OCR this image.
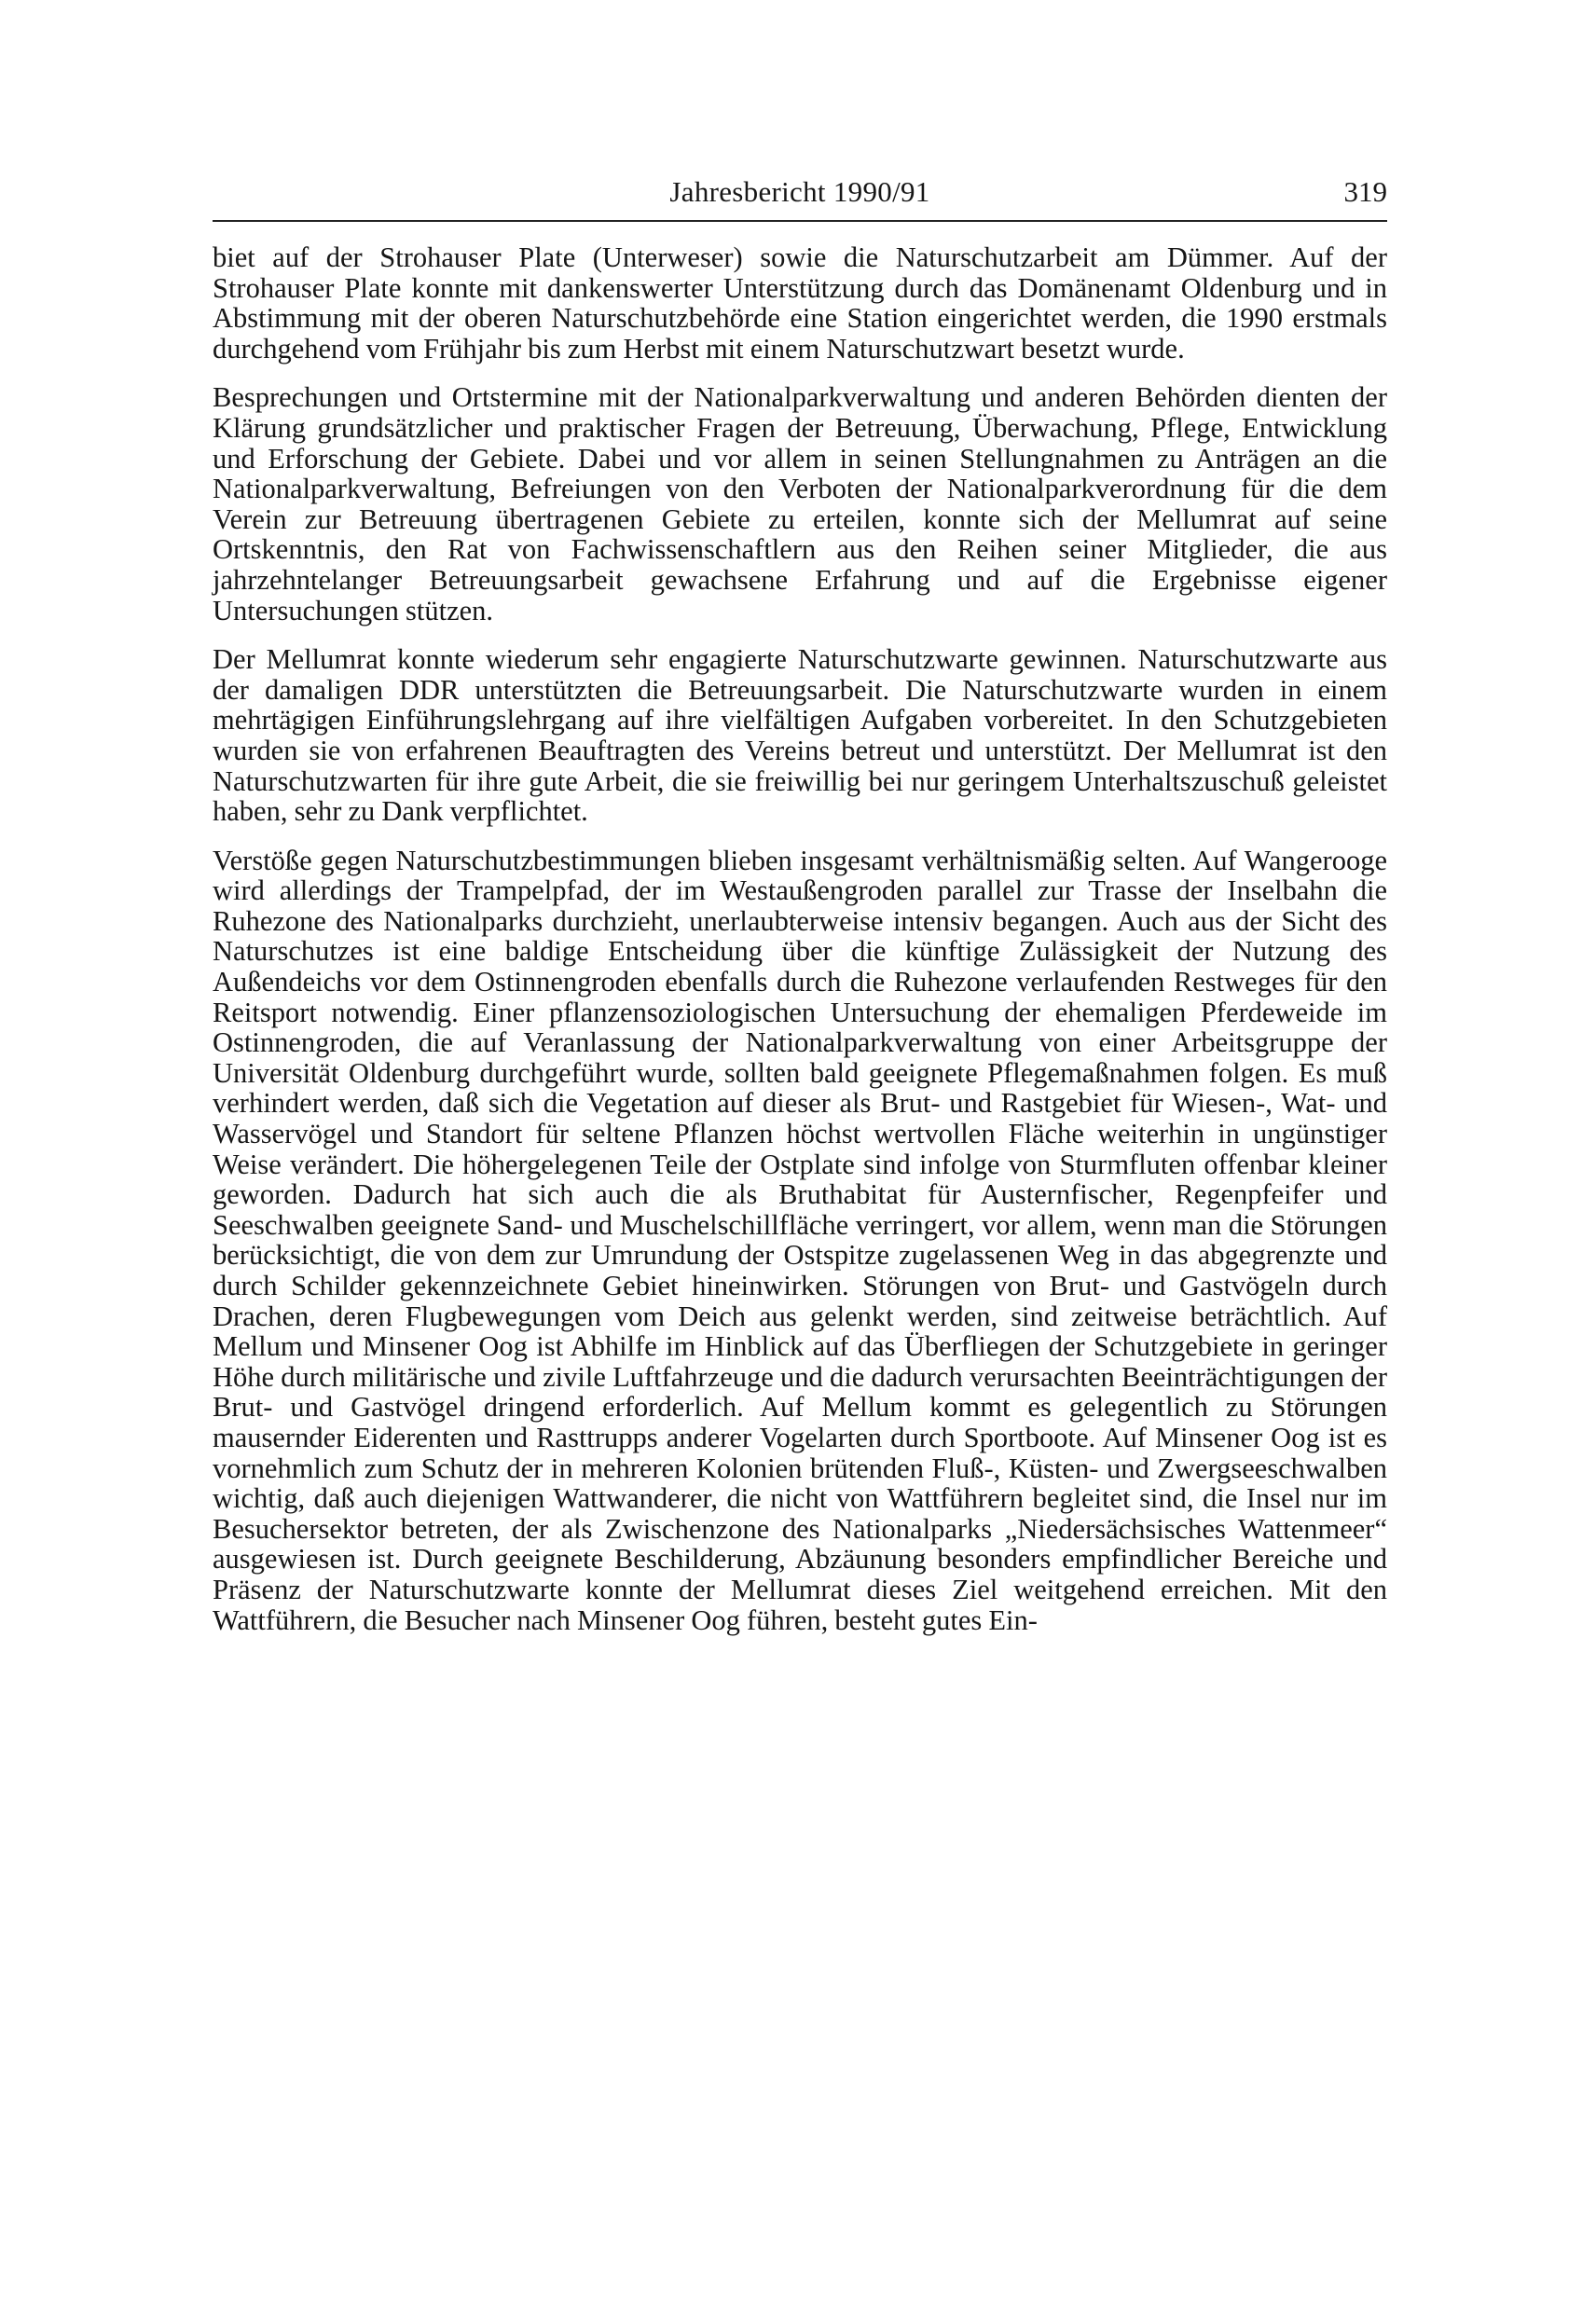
Jahresbericht 1990/91	319

biet auf der Strohauser Plate (Unterweser) sowie die Naturschutzarbeit am Dümmer. Auf der Strohauser Plate konnte mit dankenswerter Unterstützung durch das Domänenamt Oldenburg und in Abstimmung mit der oberen Naturschutzbehörde eine Station eingerichtet werden, die 1990 erstmals durchgehend vom Frühjahr bis zum Herbst mit einem Naturschutzwart besetzt wurde.

Besprechungen und Ortstermine mit der Nationalparkverwaltung und anderen Behörden dienten der Klärung grundsätzlicher und praktischer Fragen der Betreuung, Überwachung, Pflege, Entwicklung und Erforschung der Gebiete. Dabei und vor allem in seinen Stellungnahmen zu Anträgen an die Nationalparkverwaltung, Befreiungen von den Verboten der Nationalparkverordnung für die dem Verein zur Betreuung übertragenen Gebiete zu erteilen, konnte sich der Mellumrat auf seine Ortskenntnis, den Rat von Fachwissenschaftlern aus den Reihen seiner Mitglieder, die aus jahrzehntelanger Betreuungsarbeit gewachsene Erfahrung und auf die Ergebnisse eigener Untersuchungen stützen.

Der Mellumrat konnte wiederum sehr engagierte Naturschutzwarte gewinnen. Naturschutzwarte aus der damaligen DDR unterstützten die Betreuungsarbeit. Die Naturschutzwarte wurden in einem mehrtägigen Einführungslehrgang auf ihre vielfältigen Aufgaben vorbereitet. In den Schutzgebieten wurden sie von erfahrenen Beauftragten des Vereins betreut und unterstützt. Der Mellumrat ist den Naturschutzwarten für ihre gute Arbeit, die sie freiwillig bei nur geringem Unterhaltszuschuß geleistet haben, sehr zu Dank verpflichtet.

Verstöße gegen Naturschutzbestimmungen blieben insgesamt verhältnismäßig selten. Auf Wangerooge wird allerdings der Trampelpfad, der im Westaußengroden parallel zur Trasse der Inselbahn die Ruhezone des Nationalparks durchzieht, unerlaubterweise intensiv begangen. Auch aus der Sicht des Naturschutzes ist eine baldige Entscheidung über die künftige Zulässigkeit der Nutzung des Außendeichs vor dem Ostinnengroden ebenfalls durch die Ruhezone verlaufenden Restweges für den Reitsport notwendig. Einer pflanzensoziologischen Untersuchung der ehemaligen Pferdeweide im Ostinnengroden, die auf Veranlassung der Nationalparkverwaltung von einer Arbeitsgruppe der Universität Oldenburg durchgeführt wurde, sollten bald geeignete Pflegemaßnahmen folgen. Es muß verhindert werden, daß sich die Vegetation auf dieser als Brut- und Rastgebiet für Wiesen-, Wat- und Wasservögel und Standort für seltene Pflanzen höchst wertvollen Fläche weiterhin in ungünstiger Weise verändert. Die höhergelegenen Teile der Ostplate sind infolge von Sturmfluten offenbar kleiner geworden. Dadurch hat sich auch die als Bruthabitat für Austernfischer, Regenpfeifer und Seeschwalben geeignete Sand- und Muschelschillfläche verringert, vor allem, wenn man die Störungen berücksichtigt, die von dem zur Umrundung der Ostspitze zugelassenen Weg in das abgegrenzte und durch Schilder gekennzeichnete Gebiet hineinwirken. Störungen von Brut- und Gastvögeln durch Drachen, deren Flugbewegungen vom Deich aus gelenkt werden, sind zeitweise beträchtlich. Auf Mellum und Minsener Oog ist Abhilfe im Hinblick auf das Überfliegen der Schutzgebiete in geringer Höhe durch militärische und zivile Luftfahrzeuge und die dadurch verursachten Beeinträchtigungen der Brut- und Gastvögel dringend erforderlich. Auf Mellum kommt es gelegentlich zu Störungen mausernder Eiderenten und Rasttrupps anderer Vogelarten durch Sportboote. Auf Minsener Oog ist es vornehmlich zum Schutz der in mehreren Kolonien brütenden Fluß-, Küsten- und Zwergseeschwalben wichtig, daß auch diejenigen Wattwanderer, die nicht von Wattführern begleitet sind, die Insel nur im Besuchersektor betreten, der als Zwischenzone des Nationalparks „Niedersächsisches Wattenmeer“ ausgewiesen ist. Durch geeignete Beschilderung, Abzäunung besonders empfindlicher Bereiche und Präsenz der Naturschutzwarte konnte der Mellumrat dieses Ziel weitgehend erreichen. Mit den Wattführern, die Besucher nach Minsener Oog führen, besteht gutes Ein-
